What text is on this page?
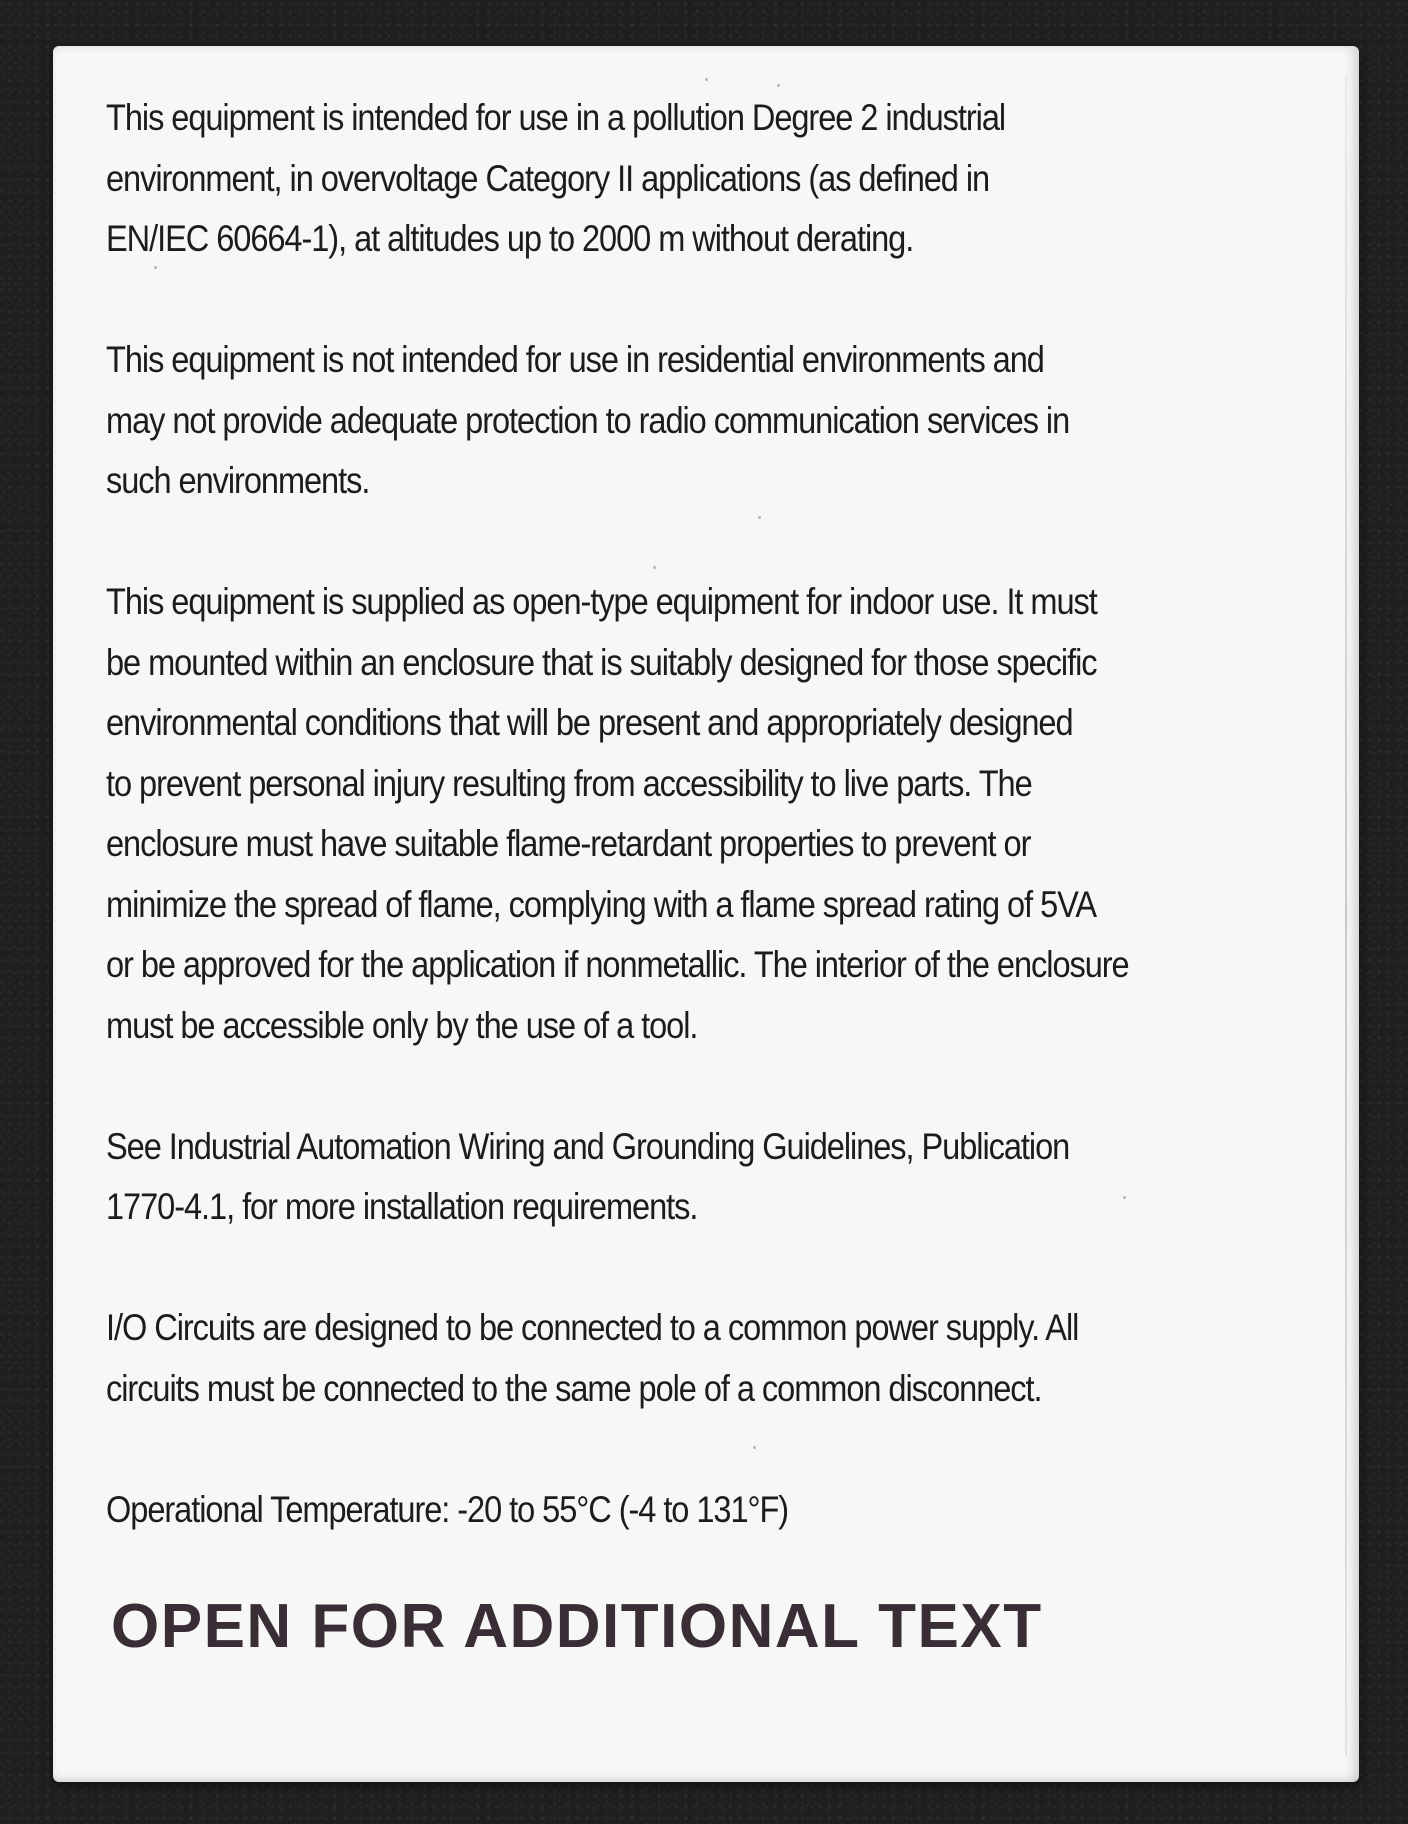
This equipment is intended for use in a pollution Degree 2 industrial
environment, in overvoltage Category II applications (as defined in
EN/IEC 60664-1), at altitudes up to 2000 m without derating.

This equipment is not intended for use in residential environments and
may not provide adequate protection to radio communication services in
such environments.

This equipment is supplied as open-type equipment for indoor use. It must
be mounted within an enclosure that is suitably designed for those specific
environmental conditions that will be present and appropriately designed
to prevent personal injury resulting from accessibility to live parts. The
enclosure must have suitable flame-retardant properties to prevent or
minimize the spread of flame, complying with a flame spread rating of 5VA
or be approved for the application if nonmetallic. The interior of the enclosure
must be accessible only by the use of a tool.

See Industrial Automation Wiring and Grounding Guidelines, Publication
1770-4.1, for more installation requirements.

I/O Circuits are designed to be connected to a common power supply. All
circuits must be connected to the same pole of a common disconnect.

Operational Temperature: -20 to 55°C (-4 to 131°F)

OPEN FOR ADDITIONAL TEXT
